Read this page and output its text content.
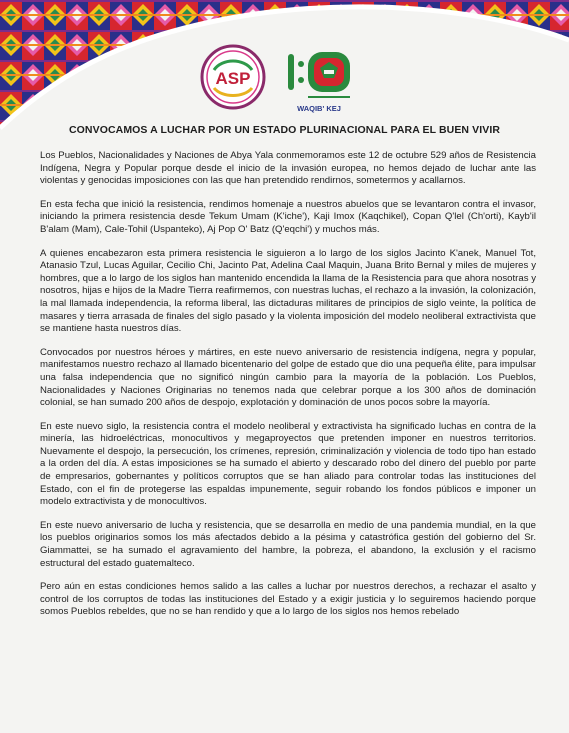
ASP
WAQIB' KEJ
CONVOCAMOS A LUCHAR POR UN ESTADO PLURINACIONAL PARA EL BUEN VIVIR

Los Pueblos, Nacionalidades y Naciones de Abya Yala conmemoramos este 12 de octubre 529 años de Resistencia Indígena, Negra y Popular porque desde el inicio de la invasión europea, no hemos dejado de luchar ante las violentas y genocidas imposiciones con las que han pretendido rendirnos, sometermos y acallarnos.

En esta fecha que inició la resistencia, rendimos homenaje a nuestros abuelos que se levantaron contra el invasor, iniciando la primera resistencia desde Tekum Umam (K'iche'), Kaji Imox (Kaqchikel), Copan Q'lel (Ch'orti), Kayb'il B'alam (Mam), Cale-Tohil (Uspanteko), Aj Pop O' Batz (Q'eqchi') y muchos más.

A quienes encabezaron esta primera resistencia le siguieron a lo largo de los siglos Jacinto K'anek, Manuel Tot, Atanasio Tzul, Lucas Aguilar, Cecilio Chi, Jacinto Pat, Adelina Caal Maquin, Juana Brito Bernal y miles de mujeres y hombres, que a lo largo de los siglos han mantenido encendida la llama de la Resistencia para que ahora nosotras y nosotros, hijas e hijos de la Madre Tierra reafirmemos, con nuestras luchas, el rechazo a la invasión, la colonización, la mal llamada independencia, la reforma liberal, las dictaduras militares de principios de siglo veinte, la política de masares y tierra arrasada de finales del siglo pasado y la violenta imposición del modelo neoliberal extractivista que se mantiene hasta nuestros días.

Convocados por nuestros héroes y mártires, en este nuevo aniversario de resistencia indígena, negra y popular, manifestamos nuestro rechazo al llamado bicentenario del golpe de estado que dio una pequeña élite, para impulsar una falsa independencia que no significó ningún cambio para la mayoría de la población. Los Pueblos, Nacionalidades y Naciones Originarias no tenemos nada que celebrar porque a los 300 años de dominación colonial, se han sumado 200 años de despojo, explotación y dominación de unos pocos sobre la mayoría.

En este nuevo siglo, la resistencia contra el modelo neoliberal y extractivista ha significado luchas en contra de la minería, las hidroeléctricas, monocultivos y megaproyectos que pretenden imponer en nuestros territorios. Nuevamente el despojo, la persecución, los crímenes, represión, criminalización y violencia de todo tipo han estado a la orden del día. A estas imposiciones se ha sumado el abierto y descarado robo del dinero del pueblo por parte de empresarios, gobernantes y políticos corruptos que se han aliado para controlar todas las instituciones del Estado, con el fin de protegerse las espaldas impunemente, seguir robando los fondos públicos e imponer un modelo extractivista y de monocultivos.

En este nuevo aniversario de lucha y resistencia, que se desarrolla en medio de una pandemia mundial, en la que los pueblos originarios somos los más afectados debido a la pésima y catastrófica gestión del gobierno del Sr. Giammattei, se ha sumado el agravamiento del hambre, la pobreza, el abandono, la exclusión y el racismo estructural del estado guatemalteco.

Pero aún en estas condiciones hemos salido a las calles a luchar por nuestros derechos, a rechazar el asalto y control de los corruptos de todas las instituciones del Estado y a exigir justicia y lo seguiremos haciendo porque somos Pueblos rebeldes, que no se han rendido y que a lo largo de los siglos nos hemos rebelado
